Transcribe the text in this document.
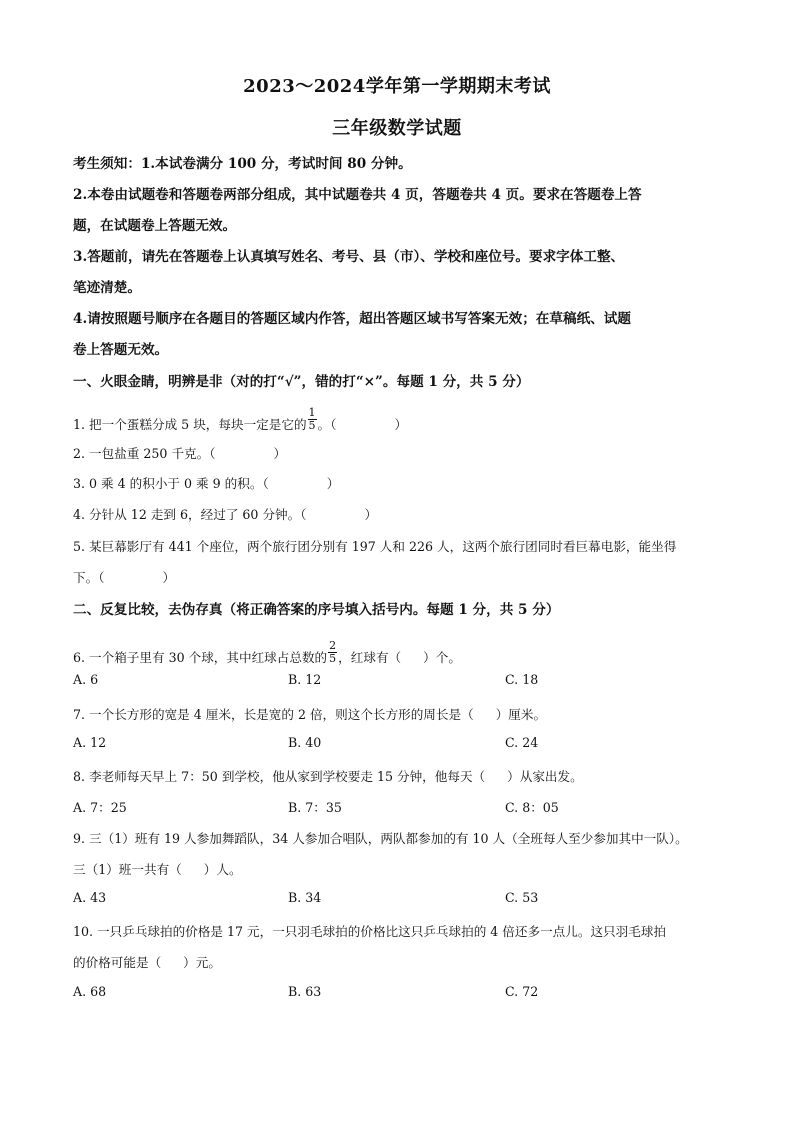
2023～2024学年第一学期期末考试
三年级数学试题
考生须知：1.本试卷满分 100 分，考试时间 80 分钟。
2.本卷由试题卷和答题卷两部分组成，其中试题卷共 4 页，答题卷共 4 页。要求在答题卷上答
题，在试题卷上答题无效。
3.答题前，请先在答题卷上认真填写姓名、考号、县（市）、学校和座位号。要求字体工整、
笔迹清楚。
4.请按照题号顺序在各题目的答题区域内作答，超出答题区域书写答案无效；在草稿纸、试题
卷上答题无效。
一、火眼金睛，明辨是非（对的打“√”，错的打“×”。每题 1 分，共 5 分）
1. 把一个蛋糕分成 5 块，每块一定是它的 $\frac{1}{5}$ 。（	）
2. 一包盐重 250 千克。（	）
3. 0 乘 4 的积小于 0 乘 9 的积。（	）
4. 分针从 12 走到 6，经过了 60 分钟。（	）
5. 某巨幕影厅有 441 个座位，两个旅行团分别有 197 人和 226 人，这两个旅行团同时看巨幕电影，能坐得
下。（	）
二、反复比较，去伪存真（将正确答案的序号填入括号内。每题 1 分，共 5 分）
6. 一个箱子里有 30 个球，其中红球占总数的 $\frac{2}{5}$ ，红球有（ ）个。
A. 6	B. 12	C. 18
7. 一个长方形的宽是 4 厘米，长是宽的 2 倍，则这个长方形的周长是（ ）厘米。
A. 12	B. 40	C. 24
8. 李老师每天早上 7：50 到学校，他从家到学校要走 15 分钟，他每天（ ）从家出发。
A. 7：25	B. 7：35	C. 8：05
9. 三（1）班有 19 人参加舞蹈队，34 人参加合唱队，两队都参加的有 10 人（全班每人至少参加其中一队）。
三（1）班一共有（ ）人。
A. 43	B. 34	C. 53
10. 一只乒乓球拍的价格是 17 元，一只羽毛球拍的价格比这只乒乓球拍的 4 倍还多一点儿。这只羽毛球拍
的价格可能是（ ）元。
A. 68	B. 63	C. 72
